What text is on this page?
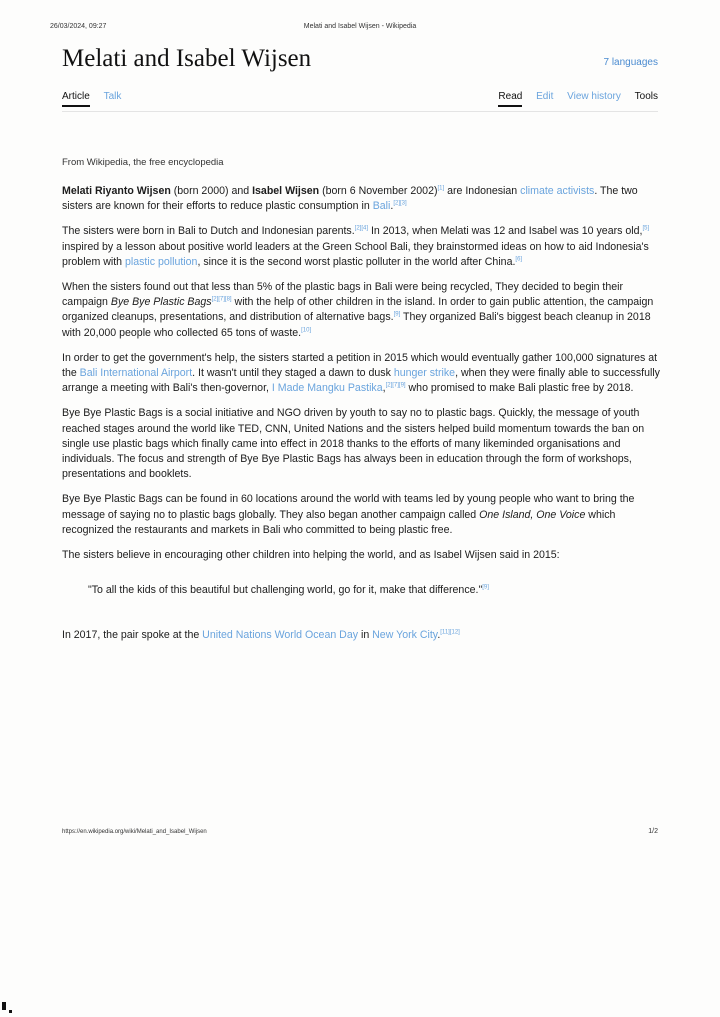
26/03/2024, 09:27	Melati and Isabel Wijsen - Wikipedia
Melati and Isabel Wijsen	7 languages
Article Talk	Read Edit View history Tools
From Wikipedia, the free encyclopedia

Melati Riyanto Wijsen (born 2000) and Isabel Wijsen (born 6 November 2002)[1] are Indonesian climate activists. The two sisters are known for their efforts to reduce plastic consumption in Bali.[2][3]

The sisters were born in Bali to Dutch and Indonesian parents.[2][4] In 2013, when Melati was 12 and Isabel was 10 years old,[5] inspired by a lesson about positive world leaders at the Green School Bali, they brainstormed ideas on how to aid Indonesia's problem with plastic pollution, since it is the second worst plastic polluter in the world after China.[6]

When the sisters found out that less than 5% of the plastic bags in Bali were being recycled, They decided to begin their campaign Bye Bye Plastic Bags[2][7][8] with the help of other children in the island. In order to gain public attention, the campaign organized cleanups, presentations, and distribution of alternative bags.[9] They organized Bali's biggest beach cleanup in 2018 with 20,000 people who collected 65 tons of waste.[10]

In order to get the government's help, the sisters started a petition in 2015 which would eventually gather 100,000 signatures at the Bali International Airport. It wasn't until they staged a dawn to dusk hunger strike, when they were finally able to successfully arrange a meeting with Bali's then-governor, I Made Mangku Pastika,[2][7][9] who promised to make Bali plastic free by 2018.

Bye Bye Plastic Bags is a social initiative and NGO driven by youth to say no to plastic bags. Quickly, the message of youth reached stages around the world like TED, CNN, United Nations and the sisters helped build momentum towards the ban on single use plastic bags which finally came into effect in 2018 thanks to the efforts of many likeminded organisations and individuals. The focus and strength of Bye Bye Plastic Bags has always been in education through the form of workshops, presentations and booklets.

Bye Bye Plastic Bags can be found in 60 locations around the world with teams led by young people who want to bring the message of saying no to plastic bags globally. They also began another campaign called One Island, One Voice which recognized the restaurants and markets in Bali who committed to being plastic free.

The sisters believe in encouraging other children into helping the world, and as Isabel Wijsen said in 2015:

"To all the kids of this beautiful but challenging world, go for it, make that difference."[9]

In 2017, the pair spoke at the United Nations World Ocean Day in New York City.[11][12]

https://en.wikipedia.org/wiki/Melati_and_Isabel_Wijsen	1/2
